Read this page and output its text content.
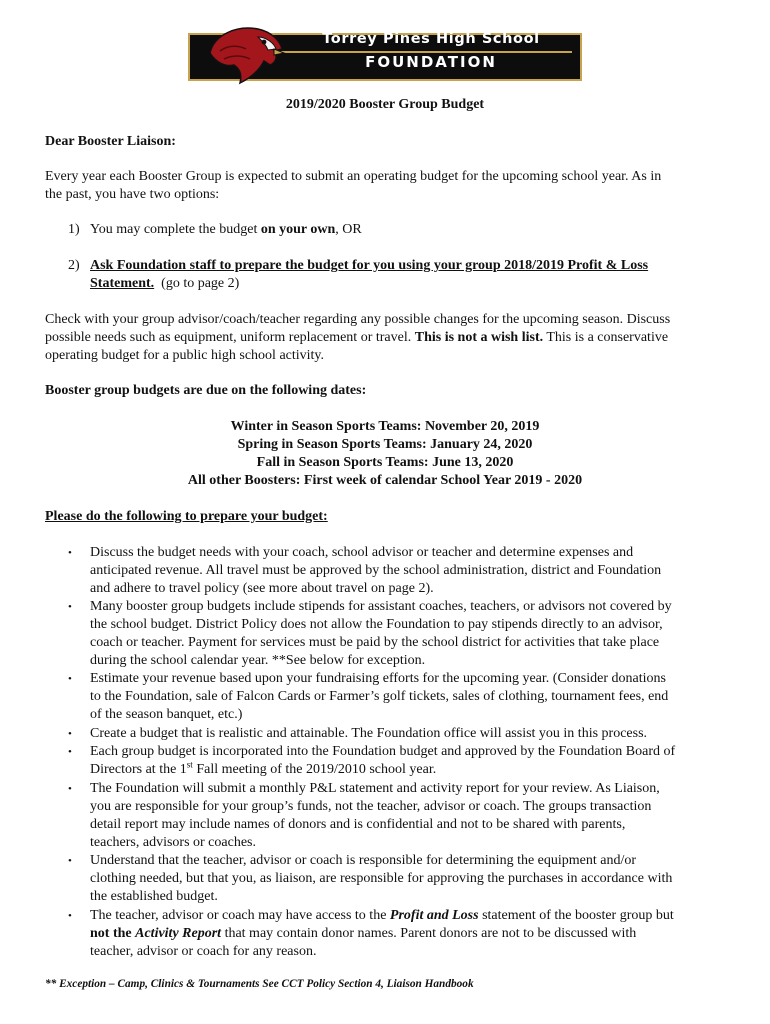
Torrey Pines High School
FOUNDATION
2019/2020 Booster Group Budget
Dear Booster Liaison:
Every year each Booster Group is expected to submit an operating budget for the upcoming school year. As in
the past, you have two options:
1) You may complete the budget on your own, OR
2) Ask Foundation staff to prepare the budget for you using your group 2018/2019 Profit & Loss
Statement.  (go to page 2)
Check with your group advisor/coach/teacher regarding any possible changes for the upcoming season. Discuss
possible needs such as equipment, uniform replacement or travel. This is not a wish list. This is a conservative
operating budget for a public high school activity.
Booster group budgets are due on the following dates:
Winter in Season Sports Teams: November 20, 2019
Spring in Season Sports Teams: January 24, 2020
Fall in Season Sports Teams: June 13, 2020
All other Boosters: First week of calendar School Year 2019 - 2020
Please do the following to prepare your budget:
• Discuss the budget needs with your coach, school advisor or teacher and determine expenses and
anticipated revenue. All travel must be approved by the school administration, district and Foundation
and adhere to travel policy (see more about travel on page 2).
• Many booster group budgets include stipends for assistant coaches, teachers, or advisors not covered by
the school budget. District Policy does not allow the Foundation to pay stipends directly to an advisor,
coach or teacher. Payment for services must be paid by the school district for activities that take place
during the school calendar year. **See below for exception.
• Estimate your revenue based upon your fundraising efforts for the upcoming year. (Consider donations
to the Foundation, sale of Falcon Cards or Farmer’s golf tickets, sales of clothing, tournament fees, end
of the season banquet, etc.)
• Create a budget that is realistic and attainable. The Foundation office will assist you in this process.
• Each group budget is incorporated into the Foundation budget and approved by the Foundation Board of
Directors at the 1st Fall meeting of the 2019/2010 school year.
• The Foundation will submit a monthly P&L statement and activity report for your review. As Liaison,
you are responsible for your group’s funds, not the teacher, advisor or coach. The groups transaction
detail report may include names of donors and is confidential and not to be shared with parents,
teachers, advisors or coaches.
• Understand that the teacher, advisor or coach is responsible for determining the equipment and/or
clothing needed, but that you, as liaison, are responsible for approving the purchases in accordance with
the established budget.
• The teacher, advisor or coach may have access to the Profit and Loss statement of the booster group but
not the Activity Report that may contain donor names. Parent donors are not to be discussed with
teacher, advisor or coach for any reason.
** Exception – Camp, Clinics & Tournaments See CCT Policy Section 4, Liaison Handbook
